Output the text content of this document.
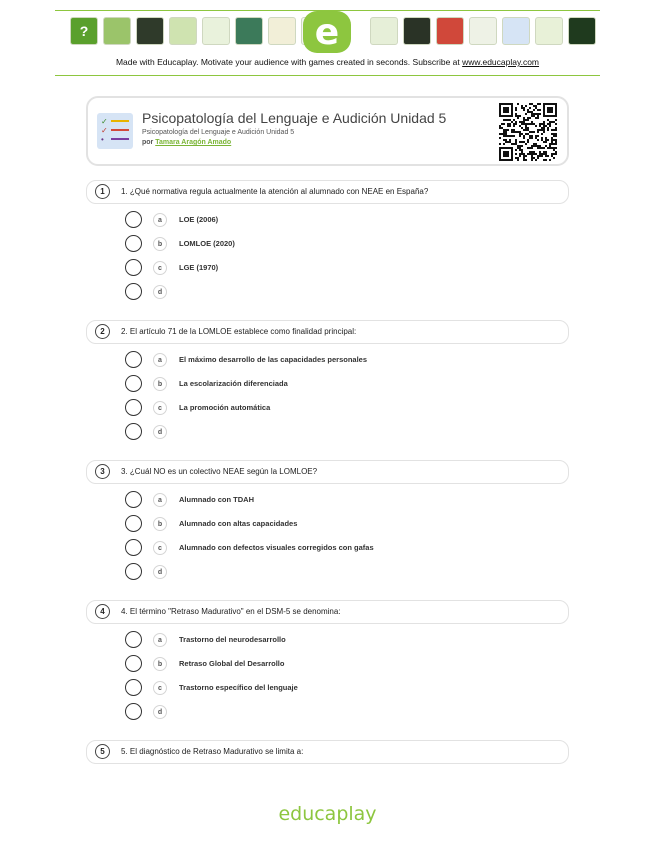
?	e
Made with Educaplay. Motivate your audience with games created in seconds. Subscribe at www.educaplay.com
✓
✓
•
Psicopatología del Lenguaje e Audición Unidad 5
Psicopatología del Lenguaje e Audición Unidad 5
por Tamara Aragón Amado
1	1. ¿Qué normativa regula actualmente la atención al alumnado con NEAE en España?
a	LOE (2006)
b	LOMLOE (2020)
c	LGE (1970)
d
2	2. El artículo 71 de la LOMLOE establece como finalidad principal:
a	El máximo desarrollo de las capacidades personales
b	La escolarización diferenciada
c	La promoción automática
d
3	3. ¿Cuál NO es un colectivo NEAE según la LOMLOE?
a	Alumnado con TDAH
b	Alumnado con altas capacidades
c	Alumnado con defectos visuales corregidos con gafas
d
4	4. El término "Retraso Madurativo" en el DSM-5 se denomina:
a	Trastorno del neurodesarrollo
b	Retraso Global del Desarrollo
c	Trastorno específico del lenguaje
d
5	5. El diagnóstico de Retraso Madurativo se limita a:
educaplay
